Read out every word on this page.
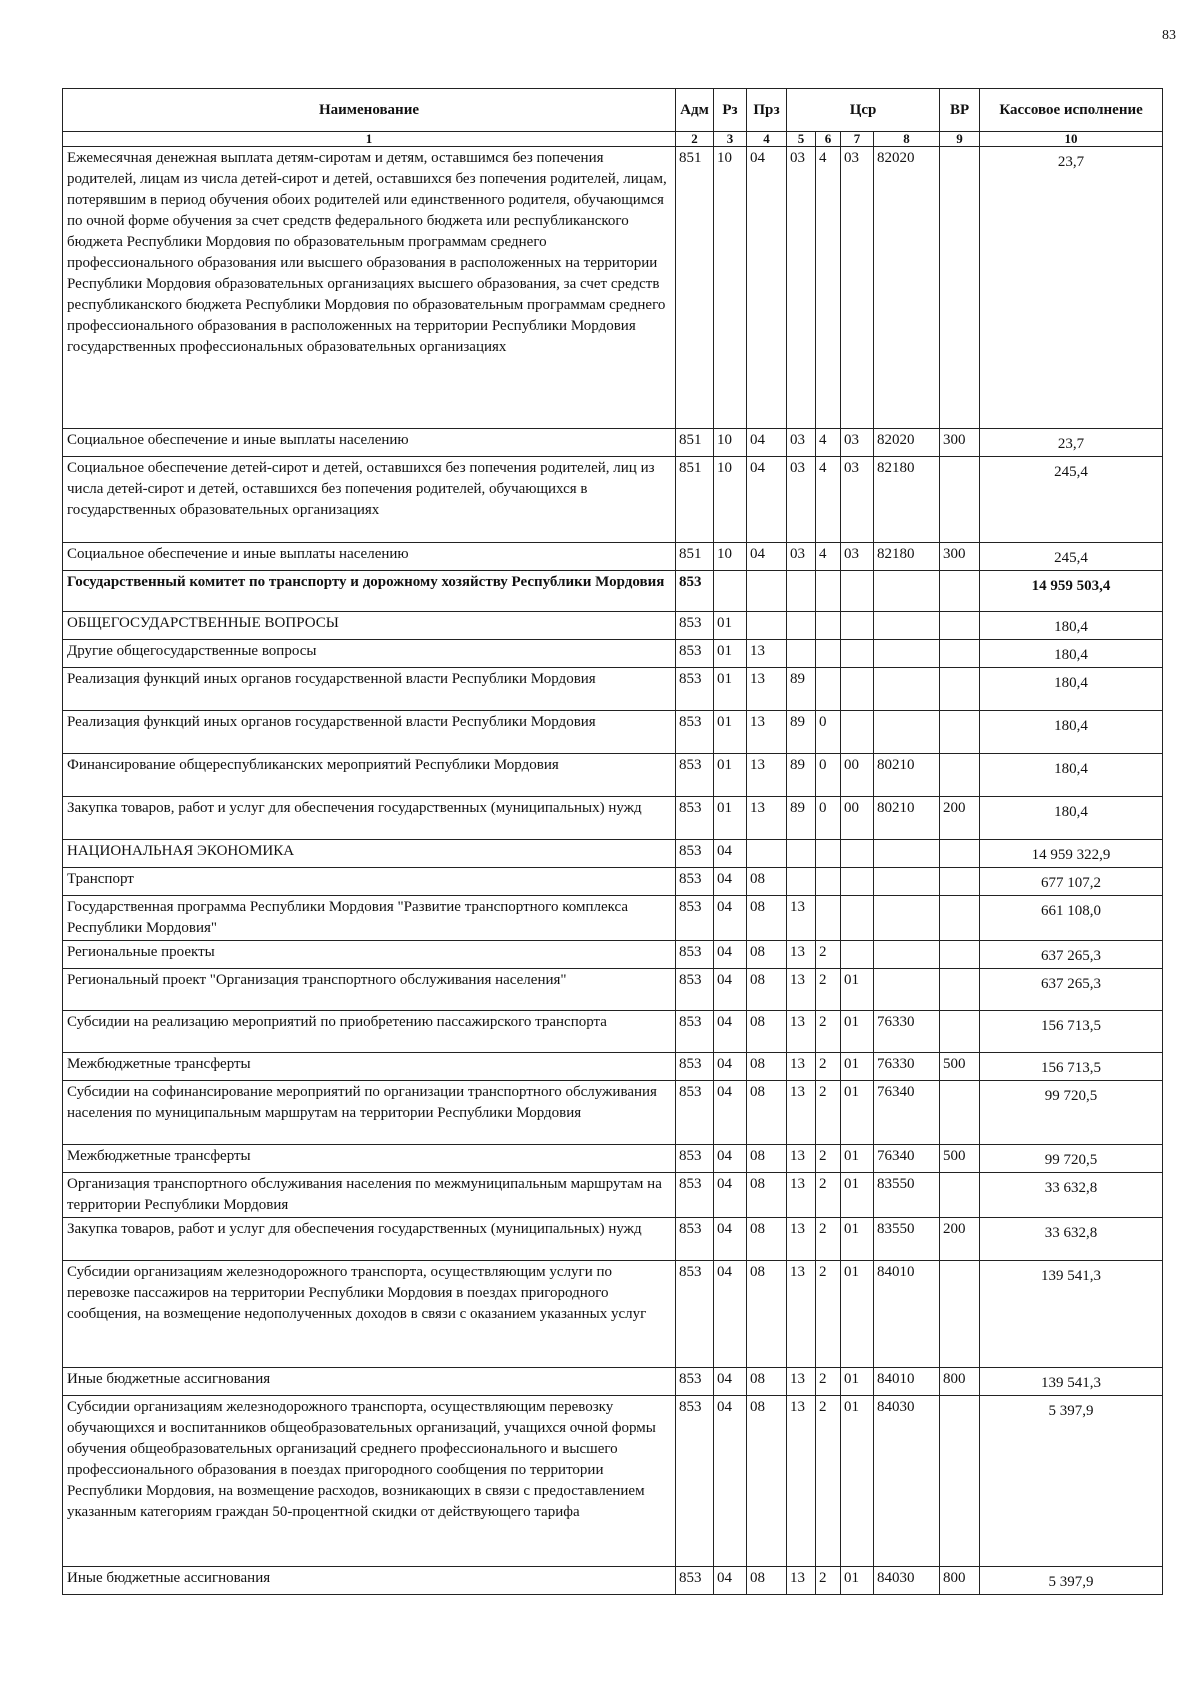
83
Наименование	Адм	Рз	Прз	Цср				ВР	Кассовое исполнение
1	2	3	4	5	6	7	8	9	10
Ежемесячная денежная выплата детям-сиротам и детям, оставшимся без попечения родителей, лицам из числа детей-сирот и детей, оставшихся без попечения родителей, лицам, потерявшим в период обучения обоих родителей или единственного родителя, обучающимся по очной форме обучения за счет средств федерального бюджета или республиканского бюджета Республики Мордовия по образовательным программам среднего профессионального образования или высшего образования в расположенных на территории Республики Мордовия образовательных организациях высшего образования, за счет средств республиканского бюджета Республики Мордовия по образовательным программам среднего профессионального образования в расположенных на территории Республики Мордовия государственных профессиональных образовательных организациях	851	10	04	03	4	03	82020		23,7
Социальное обеспечение и иные выплаты населению	851	10	04	03	4	03	82020	300	23,7
Социальное обеспечение детей-сирот и детей, оставшихся без попечения родителей, лиц из числа детей-сирот и детей, оставшихся без попечения родителей, обучающихся в государственных образовательных организациях	851	10	04	03	4	03	82180		245,4
Социальное обеспечение и иные выплаты населению	851	10	04	03	4	03	82180	300	245,4
Государственный комитет по транспорту и дорожному хозяйству Республики Мордовия	853								14 959 503,4
ОБЩЕГОСУДАРСТВЕННЫЕ ВОПРОСЫ	853	01							180,4
Другие общегосударственные вопросы	853	01	13						180,4
Реализация функций иных органов государственной власти Республики Мордовия	853	01	13	89					180,4
Реализация функций иных органов государственной власти Республики Мордовия	853	01	13	89	0				180,4
Финансирование общереспубликанских мероприятий Республики Мордовия	853	01	13	89	0	00	80210		180,4
Закупка товаров, работ и услуг для обеспечения государственных (муниципальных) нужд	853	01	13	89	0	00	80210	200	180,4
НАЦИОНАЛЬНАЯ ЭКОНОМИКА	853	04							14 959 322,9
Транспорт	853	04	08						677 107,2
Государственная программа Республики Мордовия "Развитие транспортного комплекса Республики Мордовия"	853	04	08	13					661 108,0
Региональные проекты	853	04	08	13	2				637 265,3
Региональный проект "Организация транспортного обслуживания населения"	853	04	08	13	2	01			637 265,3
Субсидии на реализацию мероприятий по приобретению пассажирского транспорта	853	04	08	13	2	01	76330		156 713,5
Межбюджетные трансферты	853	04	08	13	2	01	76330	500	156 713,5
Субсидии на софинансирование мероприятий по организации транспортного обслуживания населения по муниципальным маршрутам на территории Республики Мордовия	853	04	08	13	2	01	76340		99 720,5
Межбюджетные трансферты	853	04	08	13	2	01	76340	500	99 720,5
Организация транспортного обслуживания населения по межмуниципальным маршрутам на территории Республики Мордовия	853	04	08	13	2	01	83550		33 632,8
Закупка товаров, работ и услуг для обеспечения государственных (муниципальных) нужд	853	04	08	13	2	01	83550	200	33 632,8
Субсидии организациям железнодорожного транспорта, осуществляющим услуги по перевозке пассажиров на территории Республики Мордовия в поездах пригородного сообщения, на возмещение недополученных доходов в связи с оказанием указанных услуг	853	04	08	13	2	01	84010		139 541,3
Иные бюджетные ассигнования	853	04	08	13	2	01	84010	800	139 541,3
Субсидии организациям железнодорожного транспорта, осуществляющим перевозку обучающихся и воспитанников общеобразовательных организаций, учащихся очной формы обучения общеобразовательных организаций среднего профессионального и высшего профессионального образования в поездах пригородного сообщения по территории Республики Мордовия, на возмещение расходов, возникающих в связи с предоставлением указанным категориям граждан 50-процентной скидки от действующего тарифа	853	04	08	13	2	01	84030		5 397,9
Иные бюджетные ассигнования	853	04	08	13	2	01	84030	800	5 397,9
